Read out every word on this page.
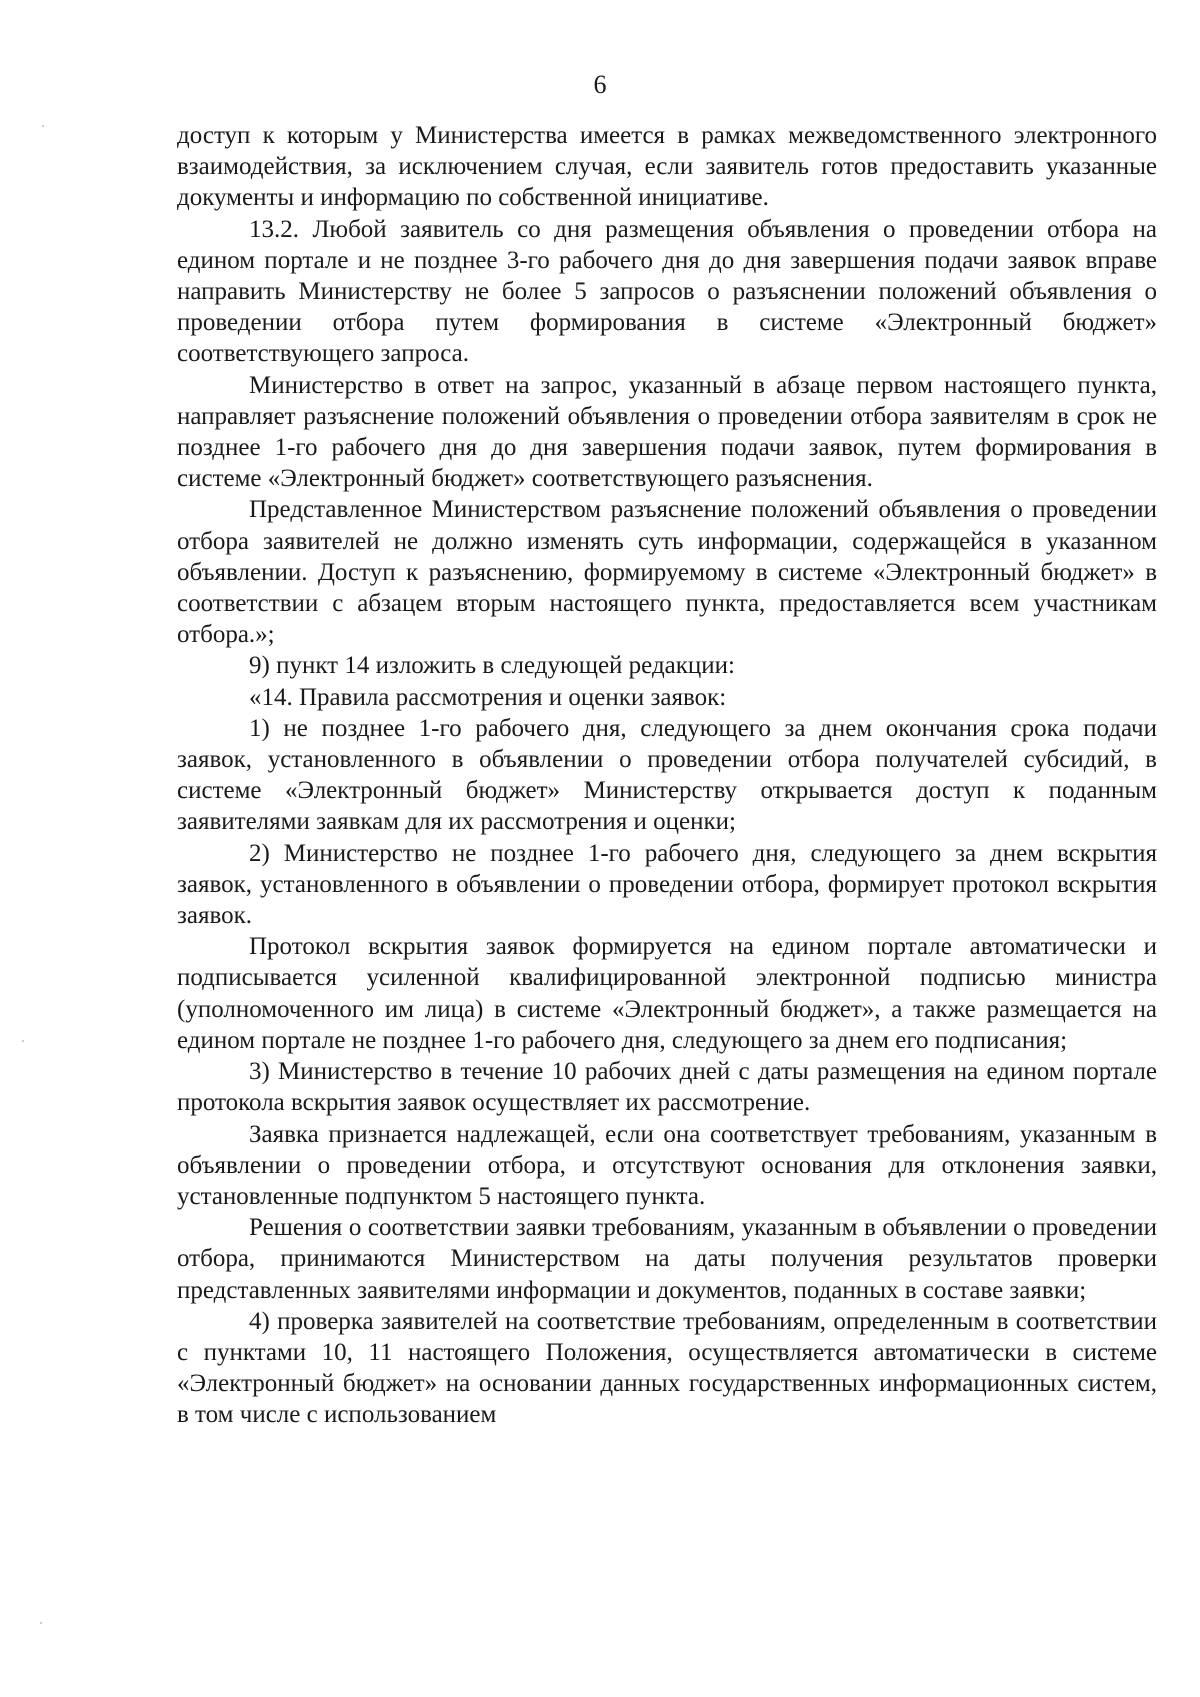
6

доступ к которым у Министерства имеется в рамках межведомственного электронного взаимодействия, за исключением случая, если заявитель готов предоставить указанные документы и информацию по собственной инициативе.

13.2. Любой заявитель со дня размещения объявления о проведении отбора на едином портале и не позднее 3-го рабочего дня до дня завершения подачи заявок вправе направить Министерству не более 5 запросов о разъяснении положений объявления о проведении отбора путем формирования в системе «Электронный бюджет» соответствующего запроса.

Министерство в ответ на запрос, указанный в абзаце первом настоящего пункта, направляет разъяснение положений объявления о проведении отбора заявителям в срок не позднее 1-го рабочего дня до дня завершения подачи заявок, путем формирования в системе «Электронный бюджет» соответствующего разъяснения.

Представленное Министерством разъяснение положений объявления о проведении отбора заявителей не должно изменять суть информации, содержащейся в указанном объявлении. Доступ к разъяснению, формируемому в системе «Электронный бюджет» в соответствии с абзацем вторым настоящего пункта, предоставляется всем участникам отбора.»;

9) пункт 14 изложить в следующей редакции:

«14. Правила рассмотрения и оценки заявок:

1) не позднее 1-го рабочего дня, следующего за днем окончания срока подачи заявок, установленного в объявлении о проведении отбора получателей субсидий, в системе «Электронный бюджет» Министерству открывается доступ к поданным заявителями заявкам для их рассмотрения и оценки;

2) Министерство не позднее 1-го рабочего дня, следующего за днем вскрытия заявок, установленного в объявлении о проведении отбора, формирует протокол вскрытия заявок.

Протокол вскрытия заявок формируется на едином портале автоматически и подписывается усиленной квалифицированной электронной подписью министра (уполномоченного им лица) в системе «Электронный бюджет», а также размещается на едином портале не позднее 1-го рабочего дня, следующего за днем его подписания;

3) Министерство в течение 10 рабочих дней с даты размещения на едином портале протокола вскрытия заявок осуществляет их рассмотрение.

Заявка признается надлежащей, если она соответствует требованиям, указанным в объявлении о проведении отбора, и отсутствуют основания для отклонения заявки, установленные подпунктом 5 настоящего пункта.

Решения о соответствии заявки требованиям, указанным в объявлении о проведении отбора, принимаются Министерством на даты получения результатов проверки представленных заявителями информации и документов, поданных в составе заявки;

4) проверка заявителей на соответствие требованиям, определенным в соответствии с пунктами 10, 11 настоящего Положения, осуществляется автоматически в системе «Электронный бюджет» на основании данных государственных информационных систем, в том числе с использованием
